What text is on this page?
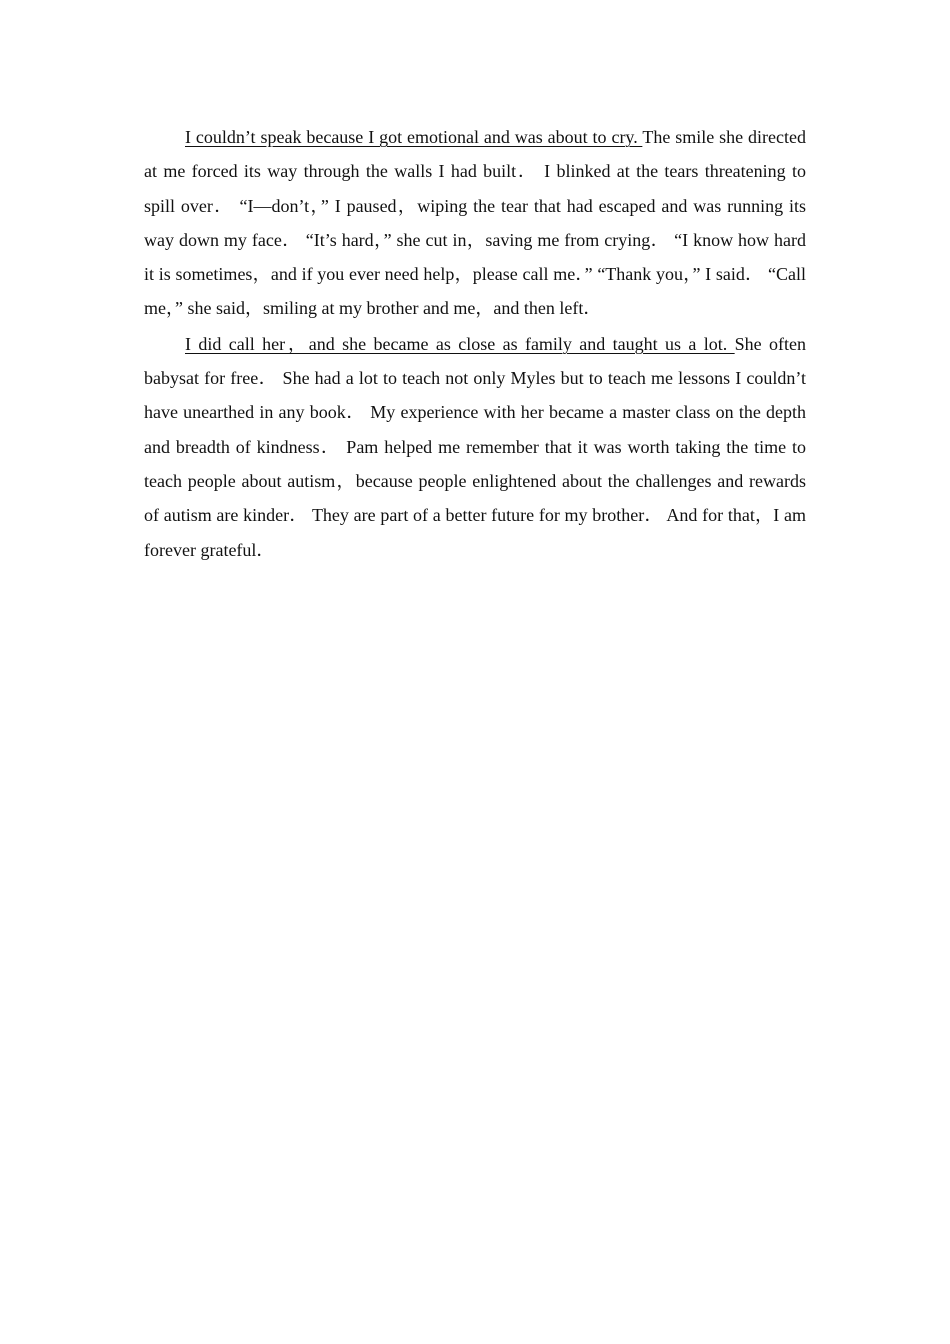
I couldn’t speak because I got emotional and was about to cry. The smile she directed at me forced its way through the walls I had built． I blinked at the tears threatening to spill over． “I—don’t，” I paused，wiping the tear that had escaped and was running its way down my face． “It’s hard，” she cut in，saving me from crying． “I know how hard it is sometimes，and if you ever need help，please call me．” “Thank you，” I said． “Call me，” she said，smiling at my brother and me，and then left．

I did call her，and she became as close as family and taught us a lot. She often babysat for free． She had a lot to teach not only Myles but to teach me lessons I couldn’t have unearthed in any book． My experience with her became a master class on the depth and breadth of kindness． Pam helped me remember that it was worth taking the time to teach people about autism，because people enlightened about the challenges and rewards of autism are kinder． They are part of a better future for my brother． And for that，I am forever grateful．
